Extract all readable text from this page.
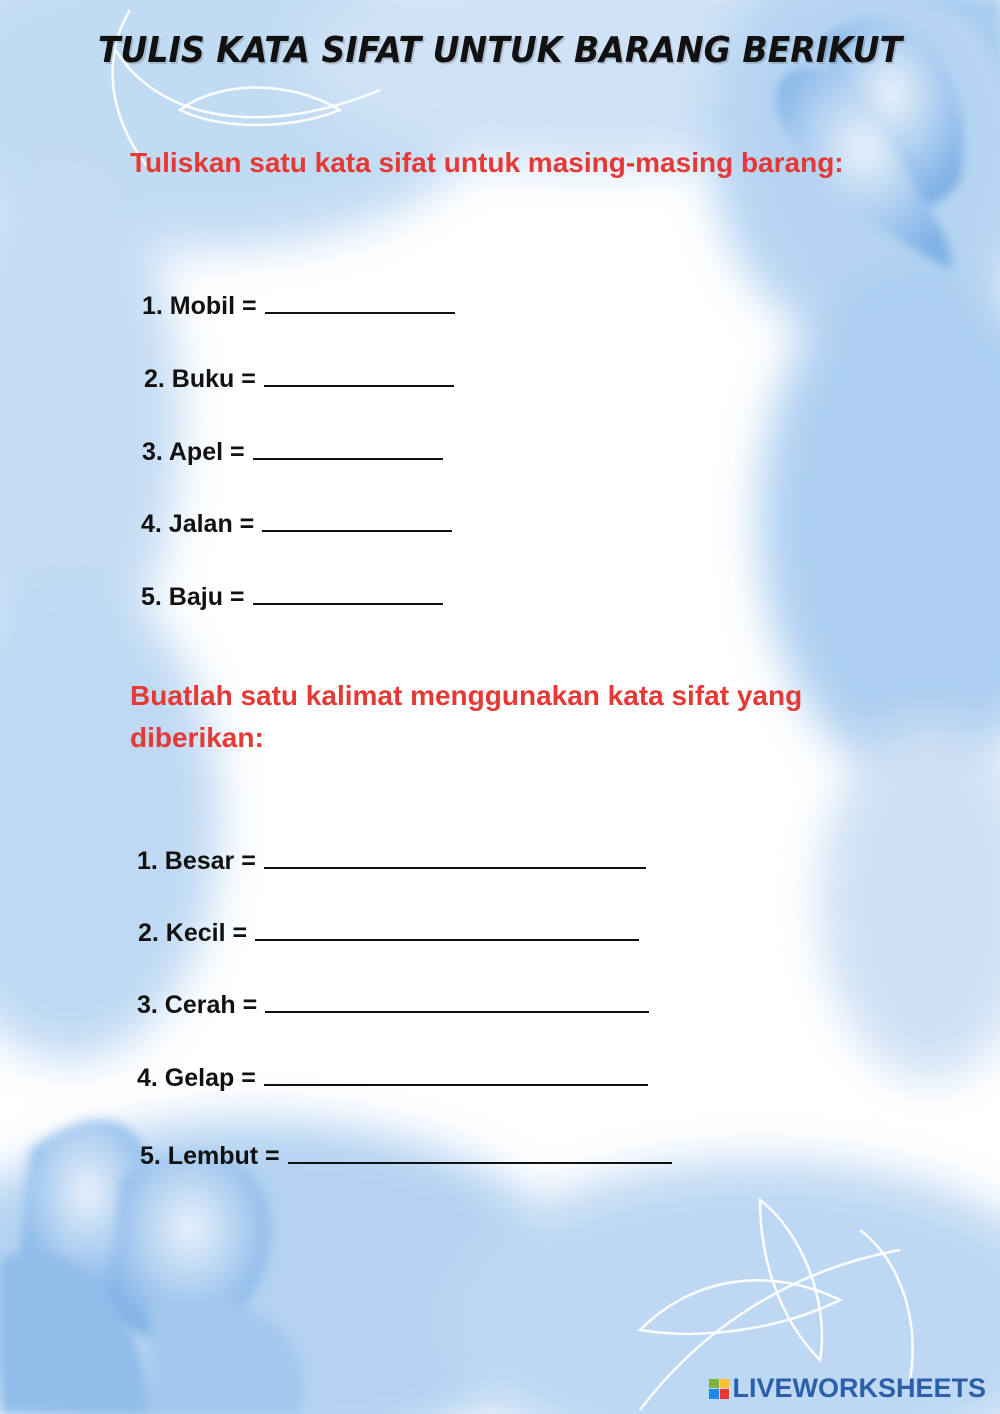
TULIS KATA SIFAT UNTUK BARANG BERIKUT
Tuliskan satu kata sifat untuk masing-masing barang:
1. Mobil =
2. Buku =
3. Apel =
4. Jalan =
5. Baju =
Buatlah satu kalimat menggunakan kata sifat yang diberikan:
1. Besar =
2. Kecil =
3. Cerah =
4. Gelap =
5. Lembut =
LIVEWORKSHEETS
